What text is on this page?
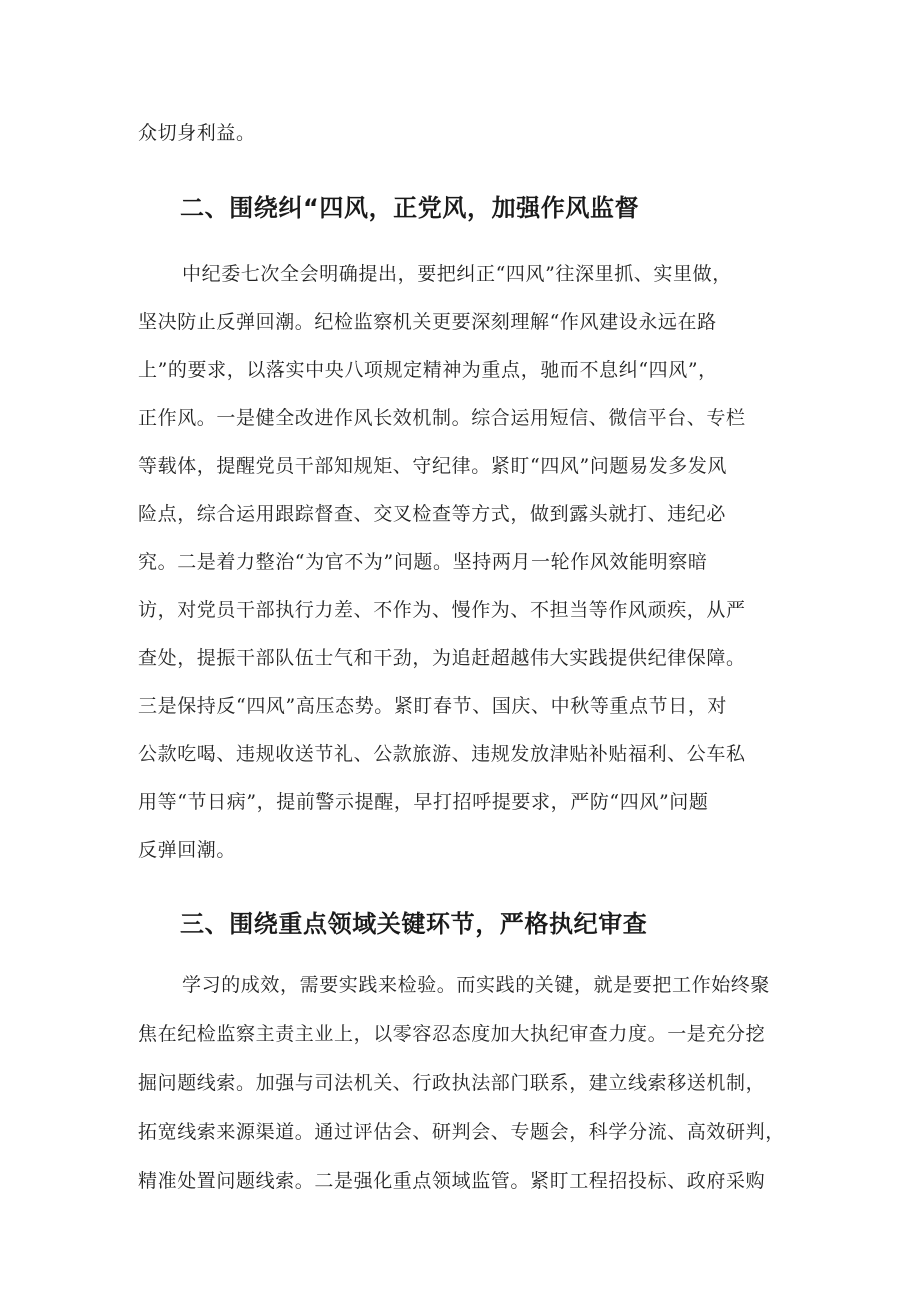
众切身利益。
二、围绕纠“四风，正党风，加强作风监督
中纪委七次全会明确提出，要把纠正“四风”往深里抓、实里做，
坚决防止反弹回潮。纪检监察机关更要深刻理解“作风建设永远在路
上”的要求，以落实中央八项规定精神为重点，驰而不息纠“四风”，
正作风。一是健全改进作风长效机制。综合运用短信、微信平台、专栏
等载体，提醒党员干部知规矩、守纪律。紧盯“四风”问题易发多发风
险点，综合运用跟踪督查、交叉检查等方式，做到露头就打、违纪必
究。二是着力整治“为官不为”问题。坚持两月一轮作风效能明察暗
访，对党员干部执行力差、不作为、慢作为、不担当等作风顽疾，从严
查处，提振干部队伍士气和干劲，为追赶超越伟大实践提供纪律保障。
三是保持反“四风”高压态势。紧盯春节、国庆、中秋等重点节日，对
公款吃喝、违规收送节礼、公款旅游、违规发放津贴补贴福利、公车私
用等“节日病”，提前警示提醒，早打招呼提要求，严防“四风”问题
反弹回潮。
三、围绕重点领域关键环节，严格执纪审查
学习的成效，需要实践来检验。而实践的关键，就是要把工作始终聚
焦在纪检监察主责主业上，以零容忍态度加大执纪审查力度。一是充分挖
掘问题线索。加强与司法机关、行政执法部门联系，建立线索移送机制，
拓宽线索来源渠道。通过评估会、研判会、专题会，科学分流、高效研判，
精准处置问题线索。二是强化重点领域监管。紧盯工程招投标、政府采购
